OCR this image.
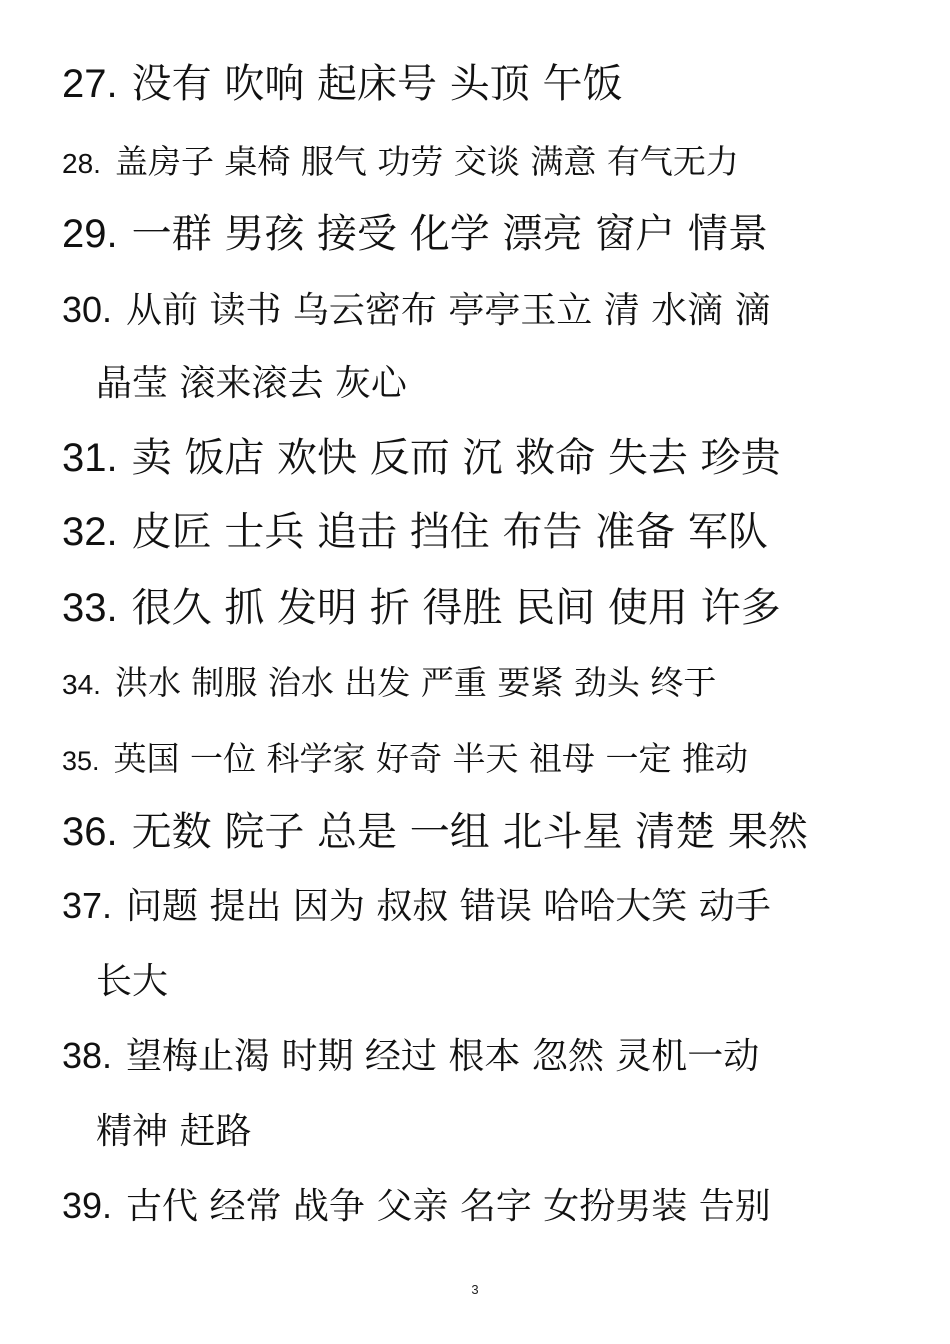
27. 没有 吹响 起床号 头顶 午饭
28. 盖房子 桌椅 服气 功劳 交谈 满意 有气无力
29. 一群 男孩 接受 化学 漂亮 窗户 情景
30. 从前 读书 乌云密布 亭亭玉立 清 水滴 滴
晶莹 滚来滚去 灰心
31. 卖 饭店 欢快 反而 沉 救命 失去 珍贵
32. 皮匠 士兵 追击 挡住 布告 准备 军队
33. 很久 抓 发明 折 得胜 民间 使用 许多
34. 洪水 制服 治水 出发 严重 要紧 劲头 终于
35. 英国 一位 科学家 好奇 半天 祖母 一定 推动
36. 无数 院子 总是 一组 北斗星 清楚 果然
37. 问题 提出 因为 叔叔 错误 哈哈大笑 动手
长大
38. 望梅止渴 时期 经过 根本 忽然 灵机一动
精神 赶路
39. 古代 经常 战争 父亲 名字 女扮男装 告别
3
